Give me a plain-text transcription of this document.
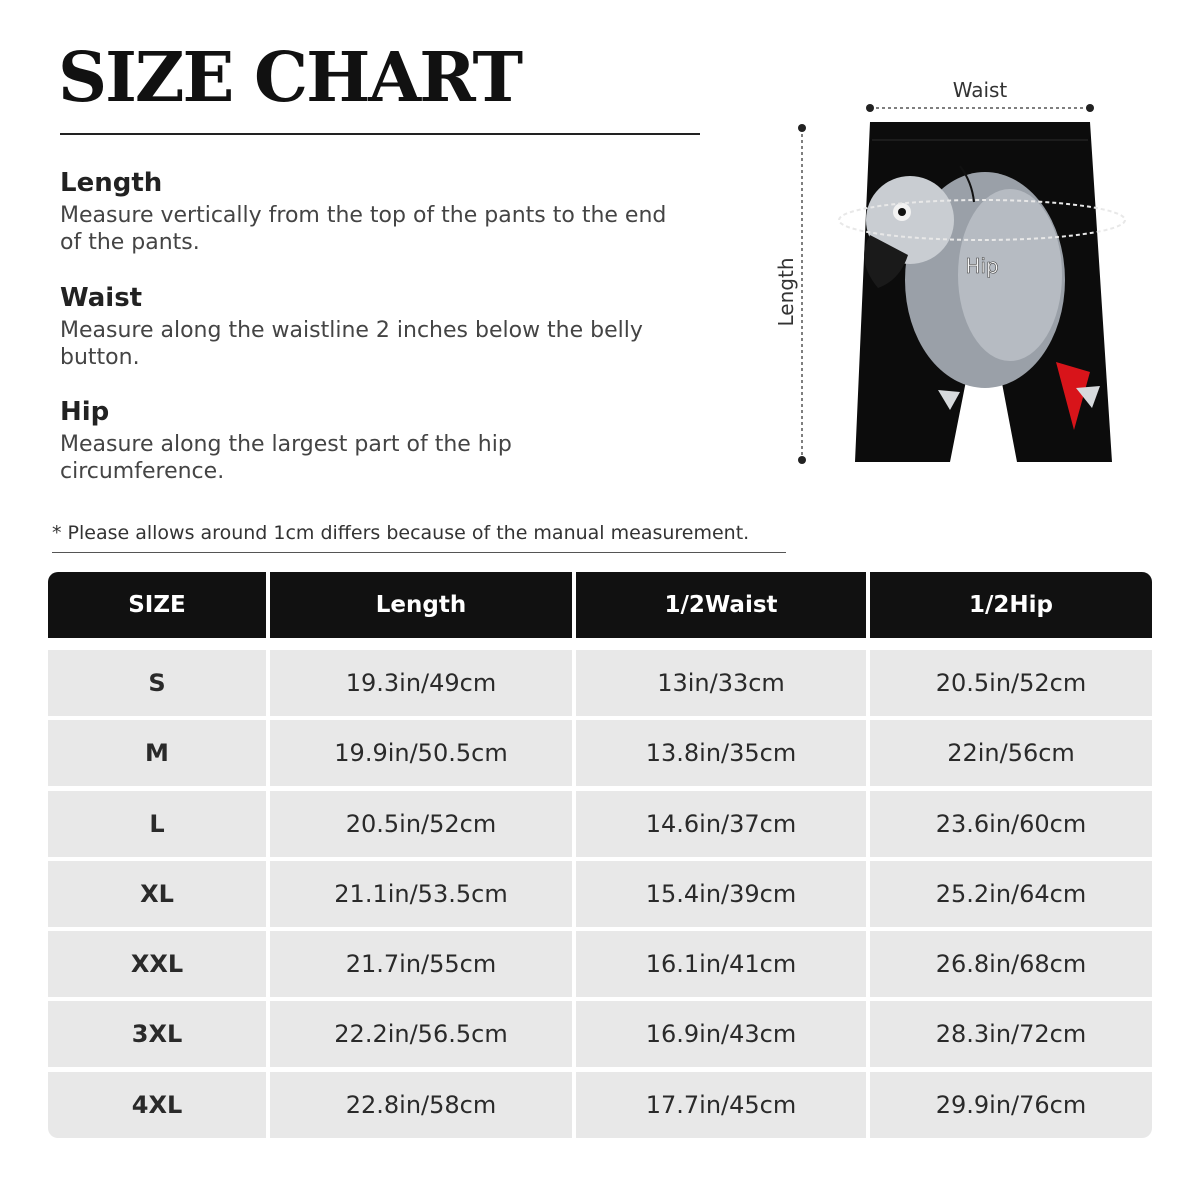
SIZE CHART
Length

Measure vertically from the top of the pants to the end of the pants.

Waist

Measure along the waistline 2 inches below the belly button.

Hip

Measure along the largest part of the hip circumference.

* Please allows around 1cm differs because of the manual measurement.
Waist
Length	Hip
SIZE	Length	1/2Waist	1/2Hip
S	19.3in/49cm	13in/33cm	20.5in/52cm
M	19.9in/50.5cm	13.8in/35cm	22in/56cm
L	20.5in/52cm	14.6in/37cm	23.6in/60cm
XL	21.1in/53.5cm	15.4in/39cm	25.2in/64cm
XXL	21.7in/55cm	16.1in/41cm	26.8in/68cm
3XL	22.2in/56.5cm	16.9in/43cm	28.3in/72cm
4XL	22.8in/58cm	17.7in/45cm	29.9in/76cm
